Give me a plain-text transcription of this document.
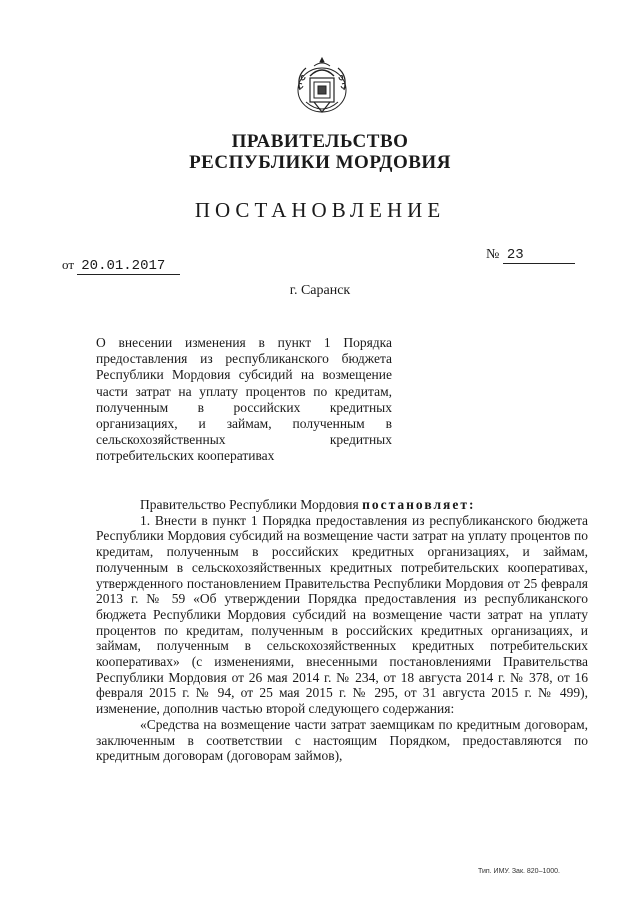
ПРАВИТЕЛЬСТВО
РЕСПУБЛИКИ МОРДОВИЯ
ПОСТАНОВЛЕНИЕ
от 20.01.2017
№ 23
г. Саранск
О внесении изменения в пункт 1 Порядка предоставления из республиканского бюджета Республики Мордовия субсидий на возмещение части затрат на уплату процентов по кредитам, полученным в российских кредитных организациях, и займам, полученным в сельскохозяйственных кредитных потребительских кооперативах

Правительство Республики Мордовия постановляет:

1. Внести в пункт 1 Порядка предоставления из республиканского бюджета Республики Мордовия субсидий на возмещение части затрат на уплату процентов по кредитам, полученным в российских кредитных организациях, и займам, полученным в сельскохозяйственных кредитных потребительских кооперативах, утвержденного постановлением Правительства Республики Мордовия от 25 февраля 2013 г. № 59 «Об утверждении Порядка предоставления из республиканского бюджета Республики Мордовия субсидий на возмещение части затрат на уплату процентов по кредитам, полученным в российских кредитных организациях, и займам, полученным в сельскохозяйственных кредитных потребительских кооперативах» (с изменениями, внесенными постановлениями Правительства Республики Мордовия от 26 мая 2014 г. № 234, от 18 августа 2014 г. № 378, от 16 февраля 2015 г. № 94, от 25 мая 2015 г. № 295, от 31 августа 2015 г. № 499), изменение, дополнив частью второй следующего содержания:

«Средства на возмещение части затрат заемщикам по кредитным договорам, заключенным в соответствии с настоящим Порядком, предоставляются по кредитным договорам (договорам займов),

Тип. ИМУ. Зак. 820–1000.
